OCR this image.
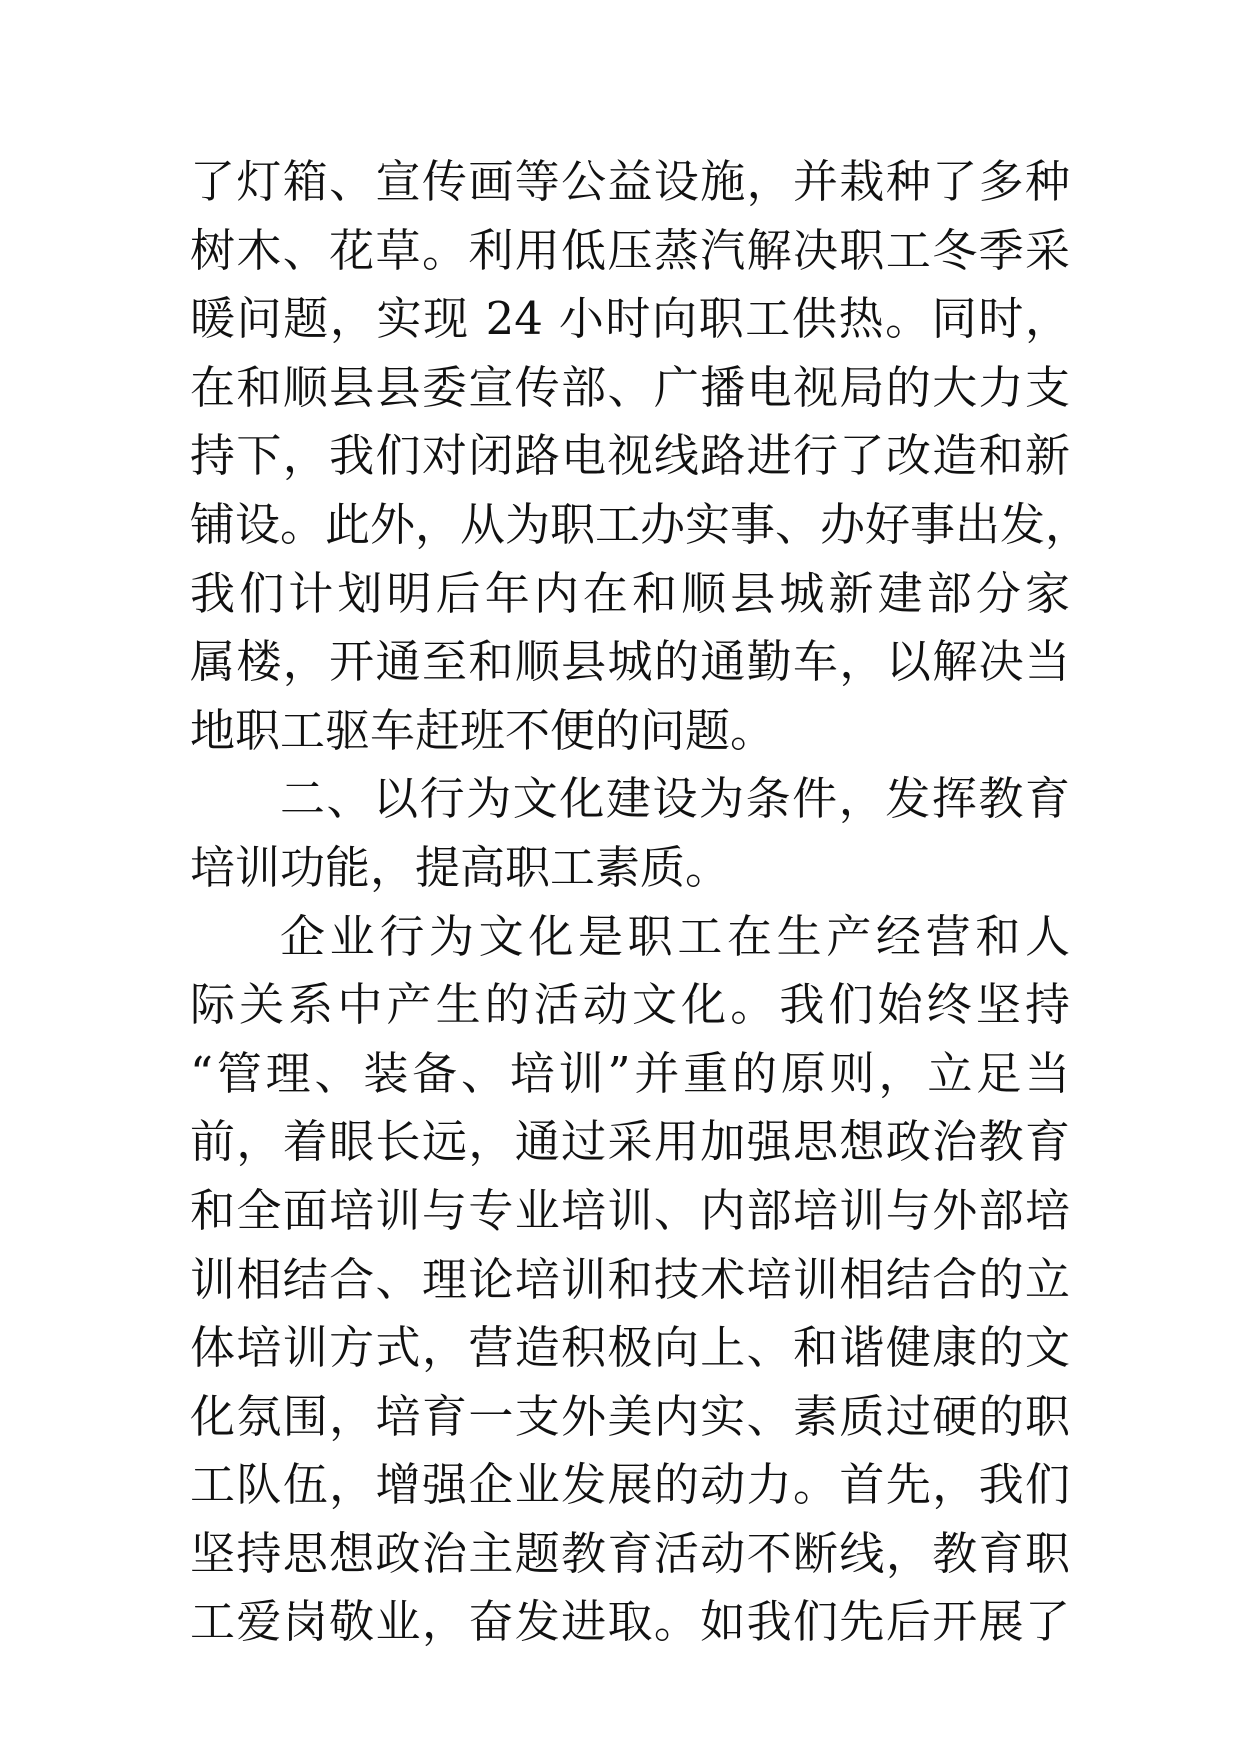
了灯箱、宣传画等公益设施，并栽种了多种
树木、花草。利用低压蒸汽解决职工冬季采
暖问题，实现 24 小时向职工供热。同时，
在和顺县县委宣传部、广播电视局的大力支
持下，我们对闭路电视线路进行了改造和新
铺设。此外，从为职工办实事、办好事出发，
我们计划明后年内在和顺县城新建部分家
属楼，开通至和顺县城的通勤车，以解决当
地职工驱车赶班不便的问题。
二、以行为文化建设为条件，发挥教育
培训功能，提高职工素质。
企业行为文化是职工在生产经营和人
际关系中产生的活动文化。我们始终坚持
“管理、装备、培训”并重的原则，立足当
前，着眼长远，通过采用加强思想政治教育
和全面培训与专业培训、内部培训与外部培
训相结合、理论培训和技术培训相结合的立
体培训方式，营造积极向上、和谐健康的文
化氛围，培育一支外美内实、素质过硬的职
工队伍，增强企业发展的动力。首先，我们
坚持思想政治主题教育活动不断线，教育职
工爱岗敬业，奋发进取。如我们先后开展了
